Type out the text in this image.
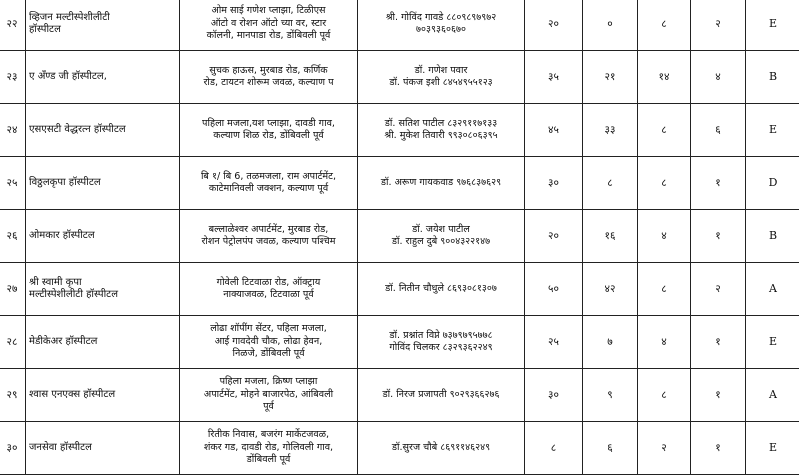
२२	व्हिजन मल्टीस्पेशीलीटी
हॉस्पीटल	ओम साई गणेश प्लाझा, टिळीएस
ऑटो व रोशन ऑटो च्या वर, स्टार
कॉलनी, मानपाडा रोड, डोंबिवली पूर्व	श्री. गोविंद गावडे ८८०९८९७९७२
७०३९३६०६७०	२०	०	८	२	E
२३	ए अँण्ड जी हॉस्पीटल,	सुचक हाऊस, मुरबाड रोड, कर्णिक
रोड, टायटन शोरूम जवळ, कल्याण प	डॉ. गणेश पवार
डॉ. पंकज इशी ८४५४९५५१२३	३५	२१	१४	४	B
२४	एसएसटी वेद्धरत्न हॉस्पीटल	पहिला मजला,यश प्लाझा, दावडी गाव,
कल्याण शिळ रोड, डोंबिवली पूर्व	डॉ. सतिश पाटील ८३२९११७१३३
श्री. मुकेश तिवारी ९९३०८०६३९५	४५	३३	८	६	E
२५	विठ्ठलकृपा हॉस्पीटल	बि १/ बि 6, तळमजला, राम अपार्टमेंट,
काटेमानिवली जक्शन, कल्याण पूर्व	डॉ. अरूण गायकवाड ९७६८३७६२९	३०	८	८	१	D
२६	ओमकार हॉस्पीटल	बल्लाळेश्वर अपार्टमेंट, मुरबाड रोड,
रोशन पेट्रोलपंप जवळ, कल्याण पश्चिम	डॉ. जयेश पाटील
डॉ. राहुल दुबे ९००४३२२१४७	२०	१६	४	१	B
२७	श्री स्वामी कृपा
मल्टीस्पेशीलीटी हॉस्पीटल	गोवेली टिटवाळा रोड, ऑक्ट्राय
नाक्याजवळ, टिटवाळा पूर्व	डॉ. नितीन चौधुले ८६९३०८१३०७	५०	४२	८	२	A
२८	मेडीकेअर हॉस्पीटल	लोढा शॉपींग सेंटर, पहिला मजला,
आई गावदेवी चौक, लोढा हेवन,
निळजे, डोंबिवली पूर्व	डॉ. प्रश्नांत विप्ने ७३७९७९५७७८
गोविंद चिलकर ८३२९३६२२४९	२५	७	४	१	E
२९	श्वास एनएक्स हॉस्पीटल	पहिला मजला, क्रिष्ण प्लाझा
अपार्टमेंट, मोहने बाजारपेठ, आंबिवली
पूर्व	डॉ. निरज प्रजापती ९०२९३६६२७६	३०	९	८	१	A
३०	जनसेवा हॉस्पीटल	रितीक निवास, बजरंग मार्केटजवळ,
शंकर गड, दावडी रोड, गोलिवली गाव,
डोंबिवली पूर्व	डॉ.सुरज चौबे ८६९११४६२४९	८	६	२	१	E
